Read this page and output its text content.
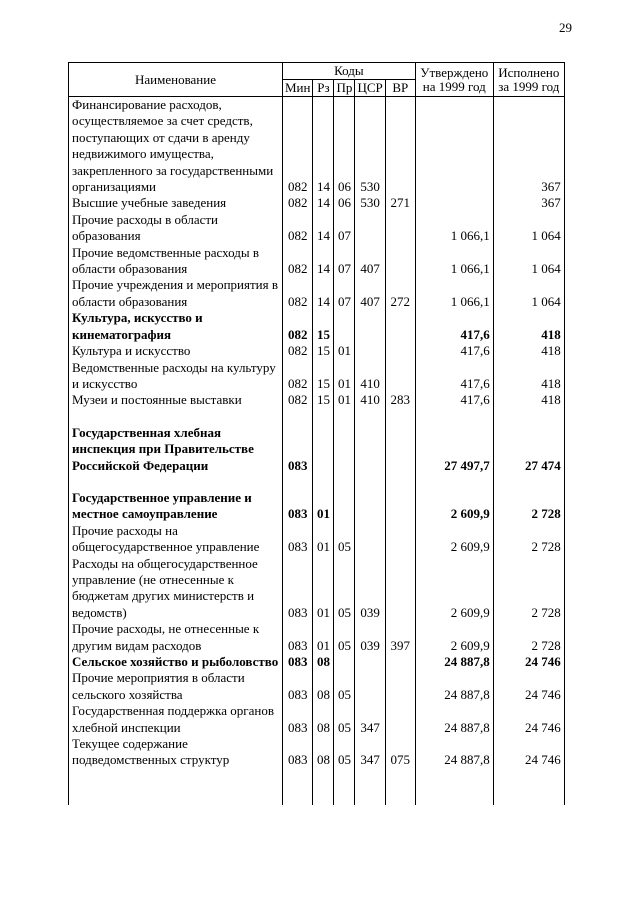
29
Наименование	Коды					Утверждено на 1999 год	Исполнено за 1999 год
	Мин	Рз	Пр	ЦСР	ВР		
Финансирование расходов, осуществляемое за счет средств, поступающих от сдачи в аренду недвижимого имущества, закрепленного за государственными организациями	082	14	06	530			367
Высшие учебные заведения	082	14	06	530	271		367
Прочие расходы в области образования	082	14	07			1 066,1	1 064
Прочие ведомственные расходы в области образования	082	14	07	407		1 066,1	1 064
Прочие учреждения и мероприятия в области образования	082	14	07	407	272	1 066,1	1 064
Культура, искусство и кинематография	082	15				417,6	418
Культура и искусство	082	15	01			417,6	418
Ведомственные расходы на культуру и искусство	082	15	01	410		417,6	418
Музеи и постоянные выставки	082	15	01	410	283	417,6	418

Государственная хлебная инспекция при Правительстве Российской Федерации	083					27 497,7	27 474

Государственное управление и местное самоуправление	083	01				2 609,9	2 728
Прочие расходы на общегосударственное управление	083	01	05			2 609,9	2 728
Расходы на общегосударственное управление (не отнесенные к бюджетам других министерств и ведомств)	083	01	05	039		2 609,9	2 728
Прочие расходы, не отнесенные к другим видам расходов	083	01	05	039	397	2 609,9	2 728
Сельское хозяйство и рыболовство	083	08				24 887,8	24 746
Прочие мероприятия в области сельского хозяйства	083	08	05			24 887,8	24 746
Государственная поддержка органов хлебной инспекции	083	08	05	347		24 887,8	24 746
Текущее содержание подведомственных структур	083	08	05	347	075	24 887,8	24 746
